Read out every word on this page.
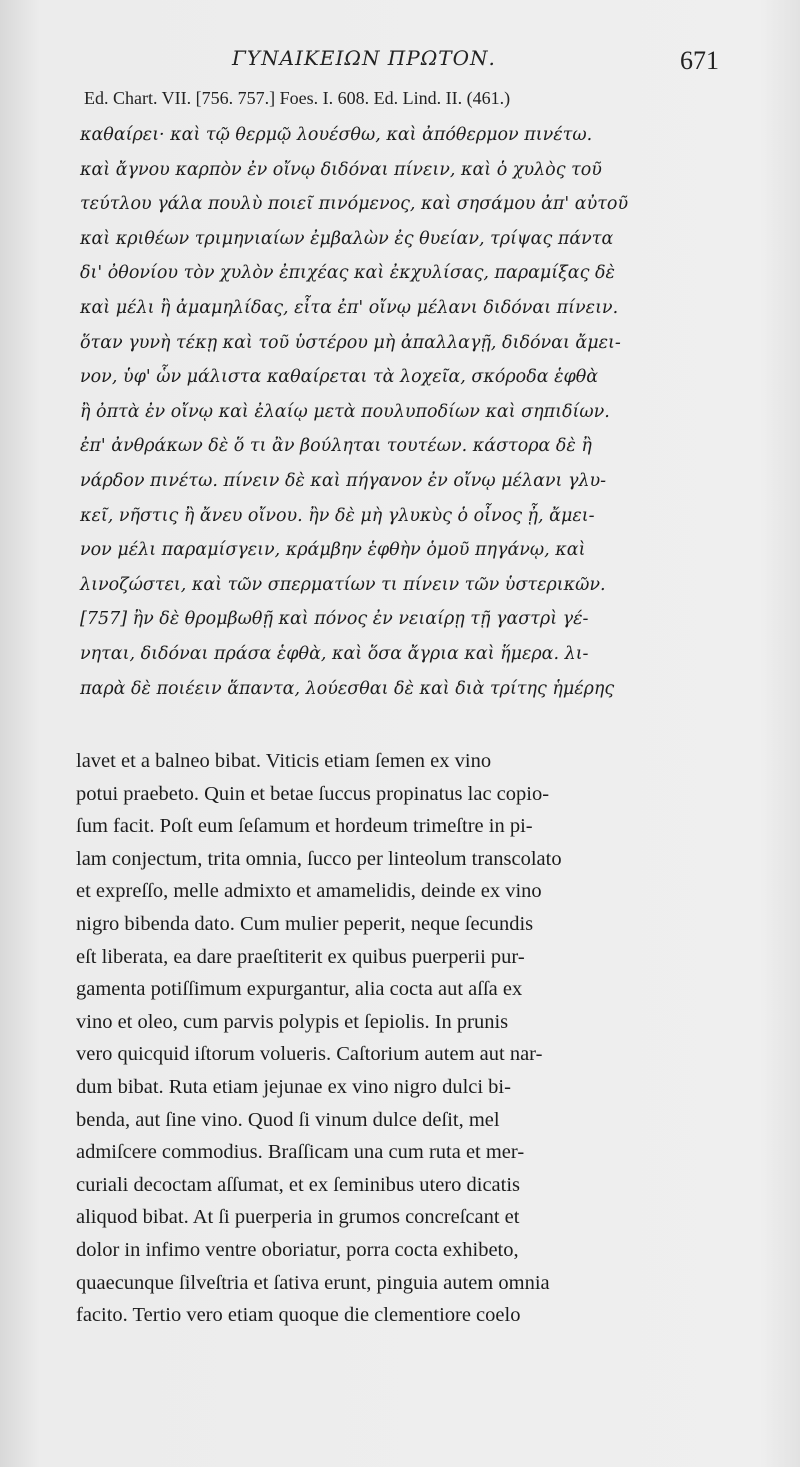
ΓΥΝΑΙΚΕΙΩΝ ΠΡΩΤΟΝ.	671
Ed. Chart. VII. [756. 757.] Foes. I. 608. Ed. Lind. II. (461.)
καθαίρει· καὶ τῷ θερμῷ λουέσθω, καὶ ἀπόθερμον πινέτω.
καὶ ἄγνου καρπὸν ἐν οἴνῳ διδόναι πίνειν, καὶ ὁ χυλὸς τοῦ
τεύτλου γάλα πουλὺ ποιεῖ πινόμενος, καὶ σησάμου ἀπ' αὐτοῦ
καὶ κριθέων τριμηνιαίων ἐμβαλὼν ἐς θυείαν, τρίψας πάντα
δι' ὀθονίου τὸν χυλὸν ἐπιχέας καὶ ἐκχυλίσας, παραμίξας δὲ
καὶ μέλι ἢ ἀμαμηλίδας, εἶτα ἐπ' οἴνῳ μέλανι διδόναι πίνειν.
ὅταν γυνὴ τέκῃ καὶ τοῦ ὑστέρου μὴ ἀπαλλαγῇ, διδόναι ἄμει-
νον, ὑφ' ὧν μάλιστα καθαίρεται τὰ λοχεῖα, σκόροδα ἑφθὰ
ἢ ὀπτὰ ἐν οἴνῳ καὶ ἐλαίῳ μετὰ πουλυποδίων καὶ σηπιδίων.
ἐπ' ἀνθράκων δὲ ὅ τι ἂν βούληται τουτέων. κάστορα δὲ ἢ
νάρδον πινέτω. πίνειν δὲ καὶ πήγανον ἐν οἴνῳ μέλανι γλυ-
κεῖ, νῆστις ἢ ἄνευ οἴνου. ἢν δὲ μὴ γλυκὺς ὁ οἶνος ᾖ, ἄμει-
νον μέλι παραμίσγειν, κράμβην ἑφθὴν ὁμοῦ πηγάνῳ, καὶ
λινοζώστει, καὶ τῶν σπερματίων τι πίνειν τῶν ὑστερικῶν.
[757] ἢν δὲ θρομβωθῇ καὶ πόνος ἐν νειαίρῃ τῇ γαστρὶ γέ-
νηται, διδόναι πράσα ἑφθὰ, καὶ ὅσα ἄγρια καὶ ἥμερα. λι-
παρὰ δὲ ποιέειν ἅπαντα, λούεσθαι δὲ καὶ διὰ τρίτης ἡμέρης
lavet et a balneo bibat. Viticis etiam ſemen ex vino
potui praebeto. Quin et betae ſuccus propinatus lac copio-
ſum facit. Poſt eum ſeſamum et hordeum trimeſtre in pi-
lam conjectum, trita omnia, ſucco per linteolum transcolato
et expreſſo, melle admixto et amamelidis, deinde ex vino
nigro bibenda dato. Cum mulier peperit, neque ſecundis
eſt liberata, ea dare praeſtiterit ex quibus puerperii pur-
gamenta potiſſimum expurgantur, alia cocta aut aſſa ex
vino et oleo, cum parvis polypis et ſepiolis. In prunis
vero quicquid iſtorum volueris. Caſtorium autem aut nar-
dum bibat. Ruta etiam jejunae ex vino nigro dulci bi-
benda, aut ſine vino. Quod ſi vinum dulce deſit, mel
admiſcere commodius. Braſſicam una cum ruta et mer-
curiali decoctam aſſumat, et ex ſeminibus utero dicatis
aliquod bibat. At ſi puerperia in grumos concreſcant et
dolor in infimo ventre oboriatur, porra cocta exhibeto,
quaecunque ſilveſtria et ſativa erunt, pinguia autem omnia
facito. Tertio vero etiam quoque die clementiore coelo
